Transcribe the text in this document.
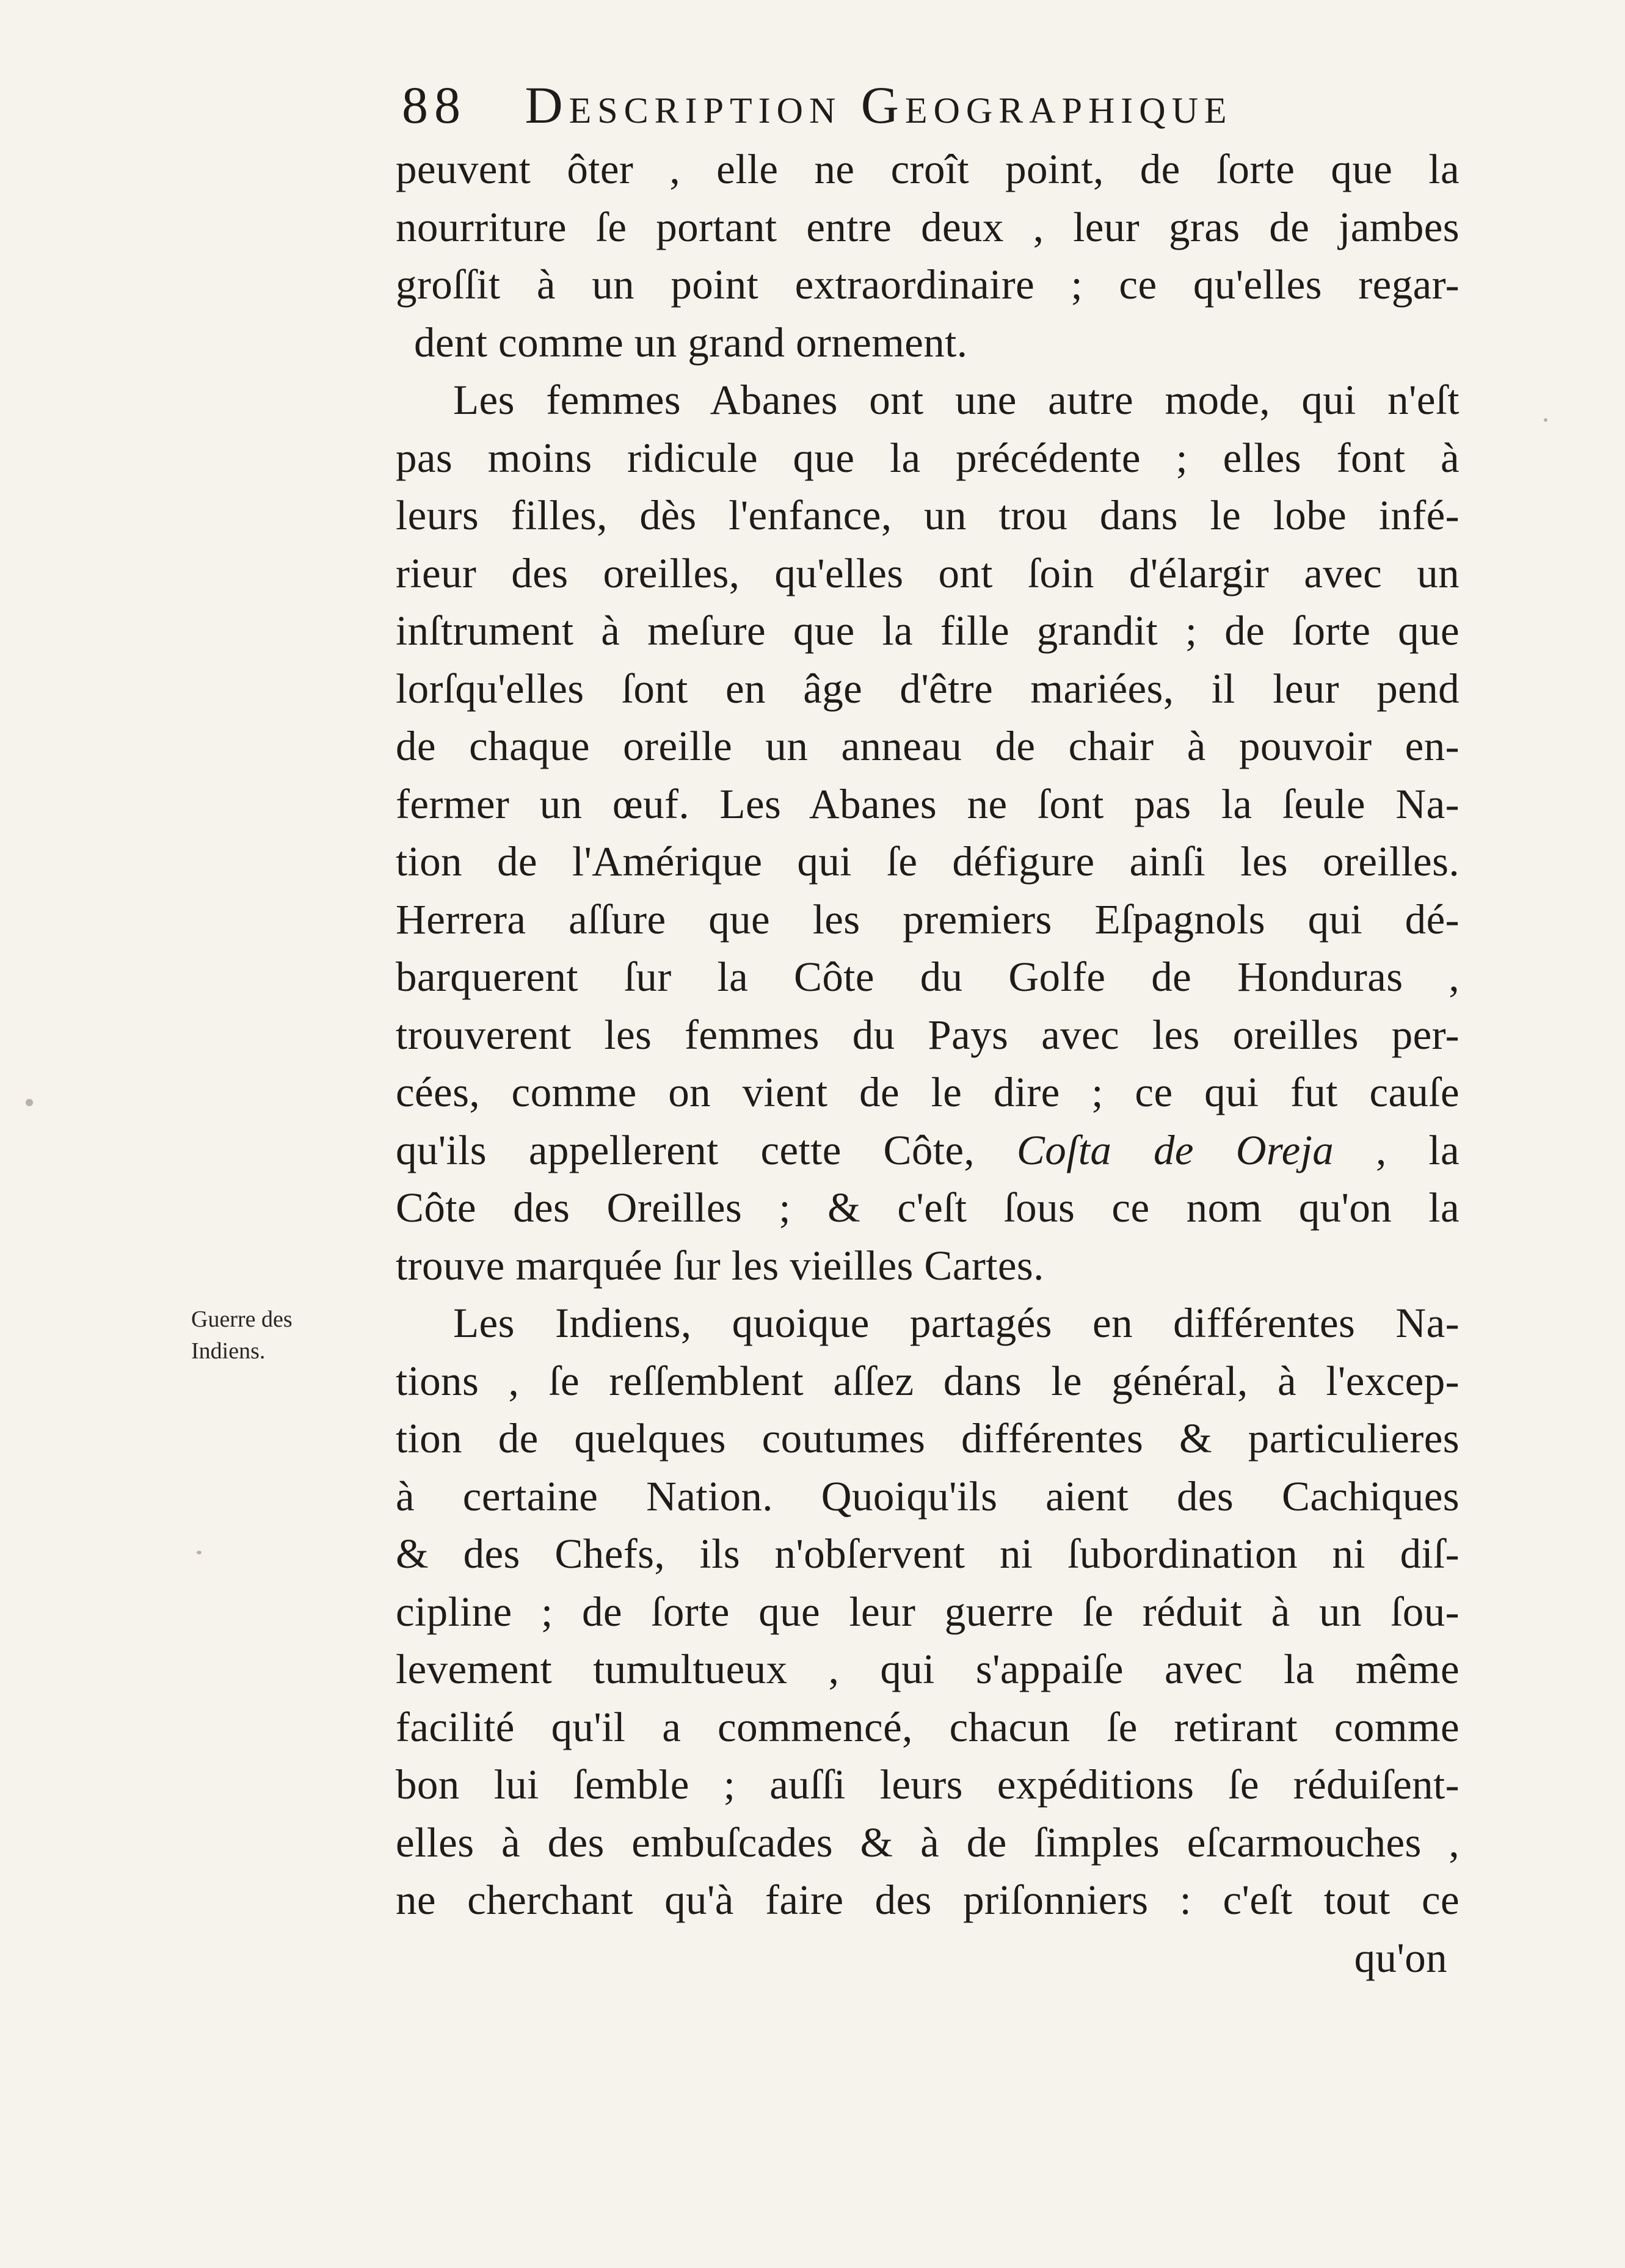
88 Description Geographique
Guerre des
Indiens.
peuvent ôter , elle ne croît point, de ſorte que la
nourriture ſe portant entre deux , leur gras de jambes
groſſit à un point extraordinaire ; ce qu'elles regar-
dent comme un grand ornement.
Les femmes Abanes ont une autre mode, qui n'eſt
pas moins ridicule que la précédente ; elles font à
leurs filles, dès l'enfance, un trou dans le lobe infé-
rieur des oreilles, qu'elles ont ſoin d'élargir avec un
inſtrument à meſure que la fille grandit ; de ſorte que
lorſqu'elles ſont en âge d'être mariées, il leur pend
de chaque oreille un anneau de chair à pouvoir en-
fermer un œuf. Les Abanes ne ſont pas la ſeule Na-
tion de l'Amérique qui ſe défigure ainſi les oreilles.
Herrera aſſure que les premiers Eſpagnols qui dé-
barquerent ſur la Côte du Golfe de Honduras ,
trouverent les femmes du Pays avec les oreilles per-
cées, comme on vient de le dire ; ce qui fut cauſe
qu'ils appellerent cette Côte, Coſta de Oreja , la
Côte des Oreilles ; & c'eſt ſous ce nom qu'on la
trouve marquée ſur les vieilles Cartes.
Les Indiens, quoique partagés en différentes Na-
tions , ſe reſſemblent aſſez dans le général, à l'excep-
tion de quelques coutumes différentes & particulieres
à certaine Nation. Quoiqu'ils aient des Cachiques
& des Chefs, ils n'obſervent ni ſubordination ni diſ-
cipline ; de ſorte que leur guerre ſe réduit à un ſou-
levement tumultueux , qui s'appaiſe avec la même
facilité qu'il a commencé, chacun ſe retirant comme
bon lui ſemble ; auſſi leurs expéditions ſe réduiſent-
elles à des embuſcades & à de ſimples eſcarmouches ,
ne cherchant qu'à faire des priſonniers : c'eſt tout ce
qu'on
